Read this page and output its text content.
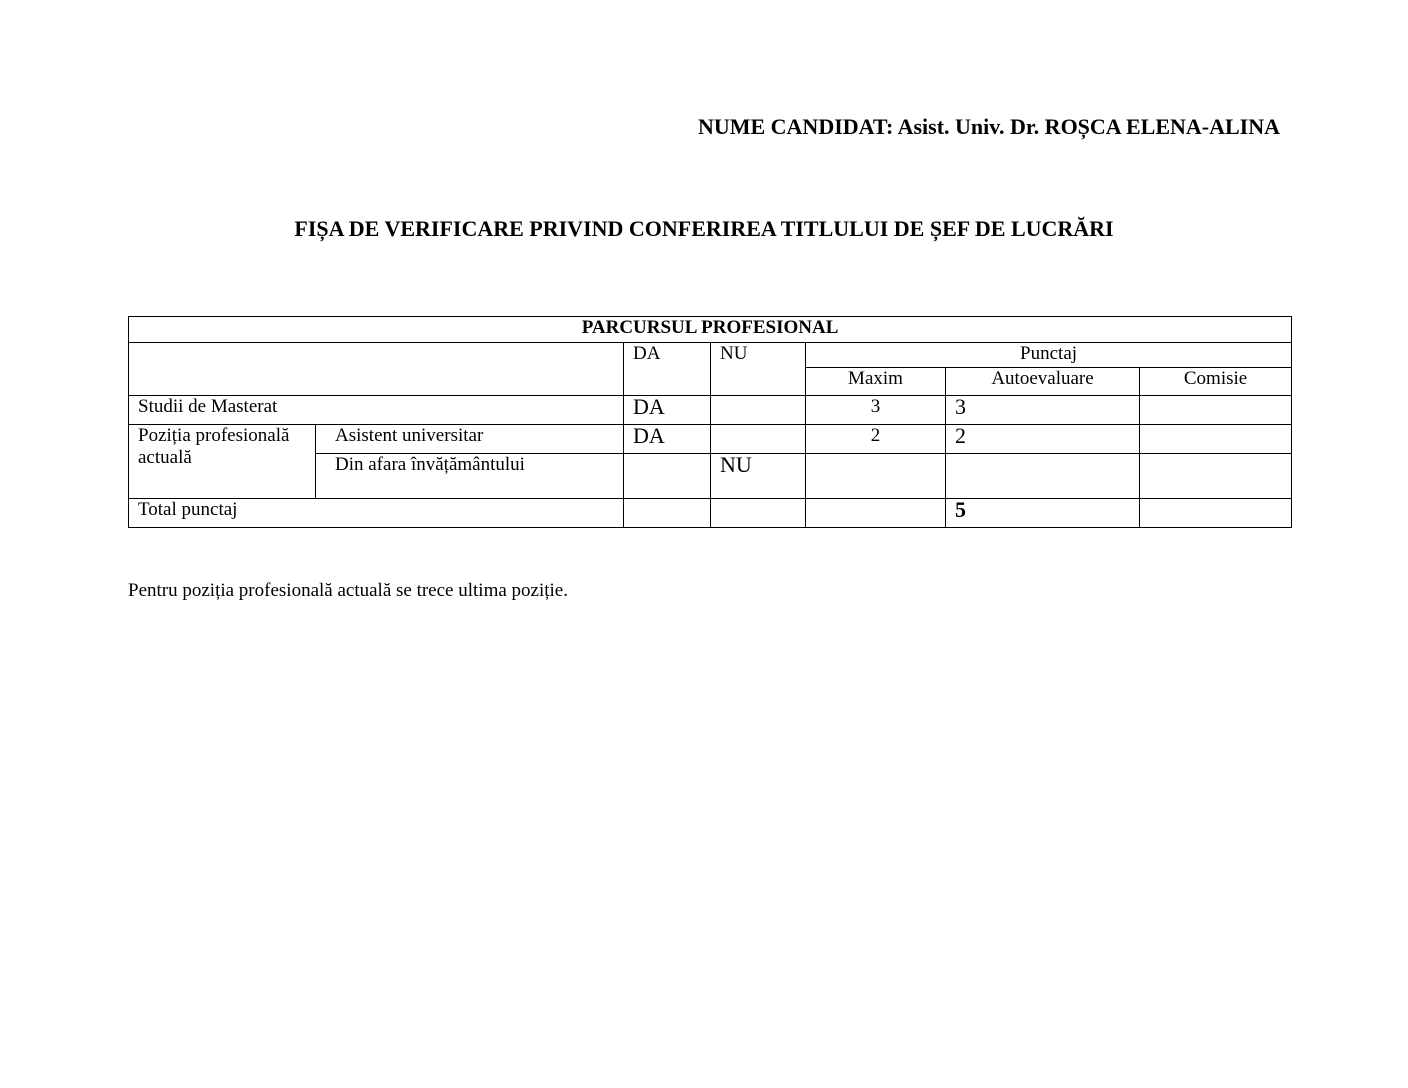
NUME CANDIDAT: Asist. Univ. Dr. ROȘCA ELENA-ALINA
FIȘA DE VERIFICARE PRIVIND CONFERIREA TITLULUI DE ȘEF DE LUCRĂRI
PARCURSUL PROFESIONAL						
		DA	NU	Punctaj		
				Maxim	Autoevaluare	Comisie
Studii de Masterat		DA		3	3	
Poziția profesională actuală	Asistent universitar	DA		2	2	
	Din afara învățământului		NU			
Total punctaj					5	
Pentru poziția profesională actuală se trece ultima poziție.
